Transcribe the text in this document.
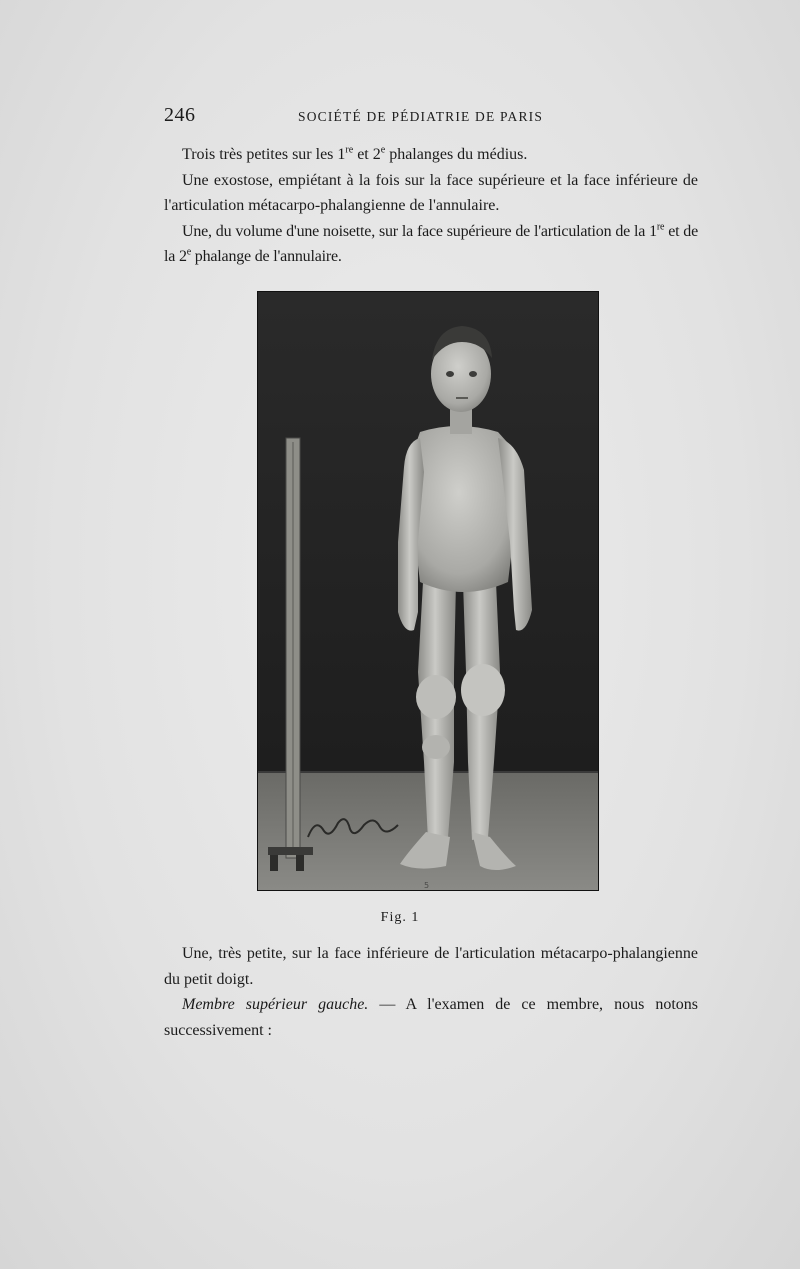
246	SOCIÉTÉ DE PÉDIATRIE DE PARIS

Trois très petites sur les 1re et 2e phalanges du médius.

Une exostose, empiétant à la fois sur la face supérieure et la face inférieure de l'articulation métacarpo-phalangienne de l'annulaire.

Une, du volume d'une noisette, sur la face supérieure de l'articulation de la 1re et de la 2e phalange de l'annulaire.

5
Fig. 1

Une, très petite, sur la face inférieure de l'articulation métacarpo-phalangienne du petit doigt.

Membre supérieur gauche. — A l'examen de ce membre, nous notons successivement :
